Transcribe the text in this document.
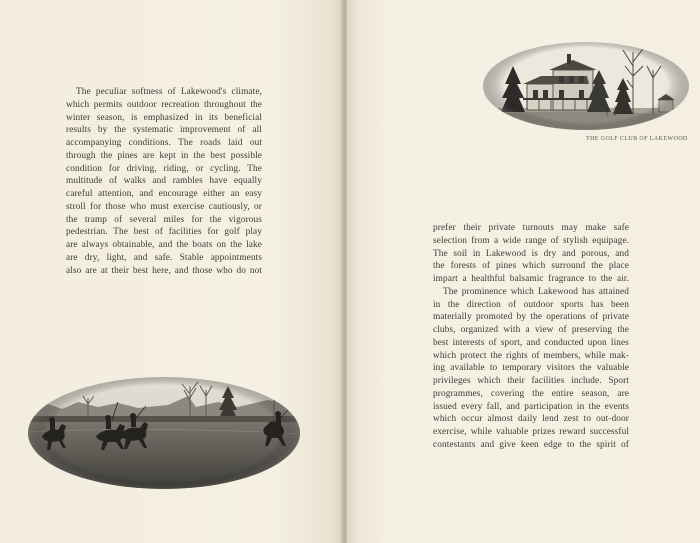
The peculiar softness of Lakewood's climate,
which permits outdoor recreation throughout the
winter season, is emphasized in its beneficial
results by the systematic improvement of all
accompanying conditions. The roads laid out
through the pines are kept in the best possible
condition for driving, riding, or cycling. The
multitude of walks and rambles have equally
careful attention, and encourage either an easy
stroll for those who must exercise cautiously, or
the tramp of several miles for the vigorous
pedestrian. The best of facilities for golf play
are always obtainable, and the boats on the lake
are dry, light, and safe. Stable appointments
also are at their best here, and those who do not
THE GOLF CLUB OF LAKEWOOD
prefer their private turnouts may make safe
selection from a wide range of stylish equipage.
The soil in Lakewood is dry and porous, and
the forests of pines which surround the place
impart a healthful balsamic fragrance to the air.
The prominence which Lakewood has attained
in the direction of outdoor sports has been
materially promoted by the operations of private
clubs, organized with a view of preserving the
best interests of sport, and conducted upon lines
which protect the rights of members, while mak-
ing available to temporary visitors the valuable
privileges which their facilities include. Sport
programmes, covering the entire season, are
issued every fall, and participation in the events
which occur almost daily lend zest to out-door
exercise, while valuable prizes reward successful
contestants and give keen edge to the spirit of
